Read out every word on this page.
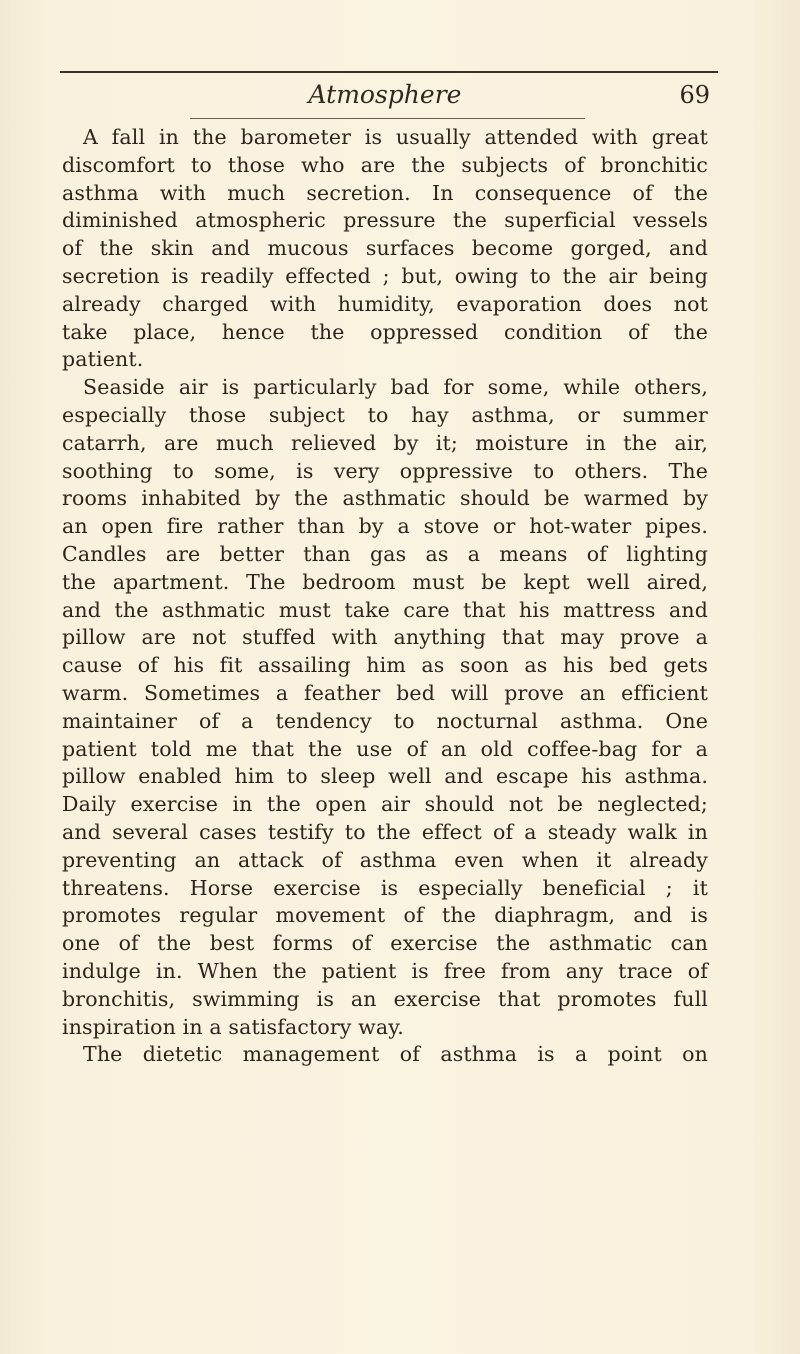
Atmosphere	69
A fall in the barometer is usually attended with great
discomfort to those who are the subjects of bronchitic
asthma with much secretion. In consequence of the
diminished atmospheric pressure the superficial vessels
of the skin and mucous surfaces become gorged, and
secretion is readily effected ; but, owing to the air being
already charged with humidity, evaporation does not
take place, hence the oppressed condition of the
patient.
Seaside air is particularly bad for some, while others,
especially those subject to hay asthma, or summer
catarrh, are much relieved by it; moisture in the air,
soothing to some, is very oppressive to others. The
rooms inhabited by the asthmatic should be warmed by
an open fire rather than by a stove or hot-water pipes.
Candles are better than gas as a means of lighting
the apartment. The bedroom must be kept well aired,
and the asthmatic must take care that his mattress and
pillow are not stuffed with anything that may prove a
cause of his fit assailing him as soon as his bed gets
warm. Sometimes a feather bed will prove an efficient
maintainer of a tendency to nocturnal asthma. One
patient told me that the use of an old coffee-bag for a
pillow enabled him to sleep well and escape his asthma.
Daily exercise in the open air should not be neglected;
and several cases testify to the effect of a steady walk in
preventing an attack of asthma even when it already
threatens. Horse exercise is especially beneficial ; it
promotes regular movement of the diaphragm, and is
one of the best forms of exercise the asthmatic can
indulge in. When the patient is free from any trace of
bronchitis, swimming is an exercise that promotes full
inspiration in a satisfactory way.
The dietetic management of asthma is a point on
